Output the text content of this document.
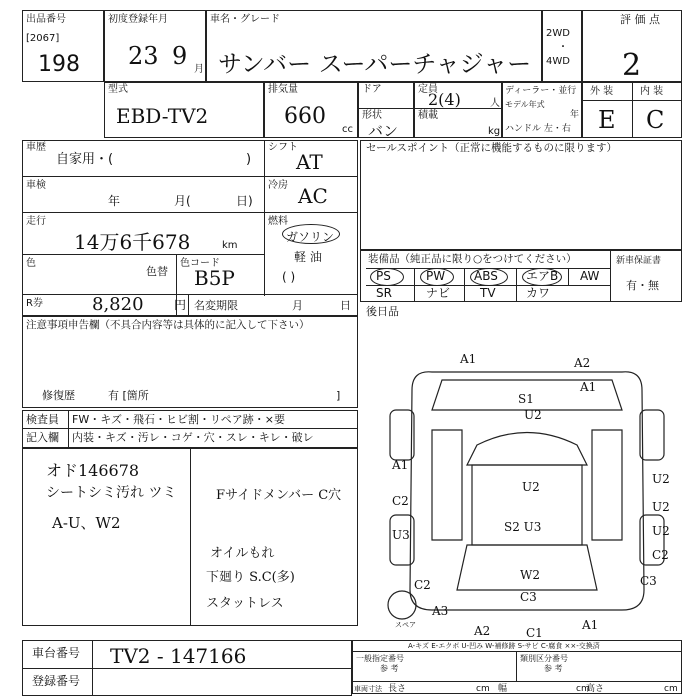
出品番号
[2067]
198
初度登録年月
23 9 月
車名・グレード
サンバー スーパーチャジャー
2WD
・
4WD
評 価 点
2
型式
EBD-TV2
排気量
660
cc
ドア
形状
バン
定員
2(4)	人
積載
kg
ディーラー・並行
モデル年式
年
ハンドル 左・右
外 装	内 装
E C
車歴
自家用・(	)
シフト
AT
車検
年	月(	日)
冷房 AC
走行
14万6千678	km
燃料
ガソリン
軽 油
( )
色
色替
色コード
B5P
R券	8,820	円 名変期限	月	日
セールスポイント（正常に機能するものに限ります）
装備品（純正品に限り○をつけてください）	新車保証書
有・無
PS	PW ABS エアB AW
SR	ナビ TV	カワ
後日品
注意事項申告欄（不具合内容等は具体的に記入して下さい）
修復歴	有 [箇所	]
検査員
記入欄
FW・キズ・飛石・ヒビ割・リペア跡・×要
内装・キズ・汚レ・コゲ・穴・スレ・キレ・破レ
オド146678
シートシミ汚れ ツミ
A-U、W2
Fサイドメンバー C穴
オイルもれ
下廻り S.C(多)
スタットレス
A1	A2
S1
U2
U2
A1
C2
U3
U2
S2 U3
W2
C2
A3
U2
U2
C2
C3
A1
C3
A2	C1
A1
スペア
A-キズ E-エクボ U-凹み W-補修跡 S-サビ C-腐食 ××-交換済
一般指定番号
参 考
類別区分番号
参 考
車両寸法 長さ	cm 幅	cm
高さ	cm
車台番号 TV2 - 147166
登録番号
